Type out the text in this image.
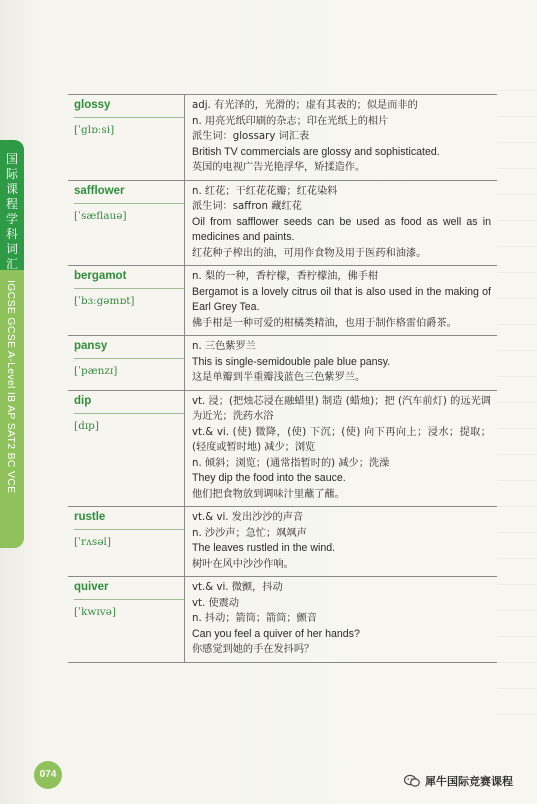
国
际
课
程
学
科
词
汇
IGCSE GCSE A-Level IB AP SAT2 BC VCE
glossy
[ˈglɒːsi]
adj. 有光泽的，光滑的；虚有其表的；似是而非的
n. 用亮光纸印刷的杂志；印在光纸上的相片
派生词：glossary 词汇表
British TV commercials are glossy and sophisticated.
英国的电视广告光艳浮华，矫揉造作。
safflower
[ˈsæflauə]
n. 红花；干红花花瓣；红花染料
派生词：saffron 藏红花
Oil from safflower seeds can be used as food as well as in medicines and paints.
红花种子榨出的油，可用作食物及用于医药和油漆。
bergamot
[ˈbɜːgəmɒt]
n. 梨的一种，香柠檬，香柠檬油，佛手柑
Bergamot is a lovely citrus oil that is also used in the making of Earl Grey Tea.
佛手柑是一种可爱的柑橘类精油，也用于制作格雷伯爵茶。
pansy
[ˈpænzɪ]
n. 三色紫罗兰
This is single-semidouble pale blue pansy.
这是单瓣到半重瓣浅蓝色三色紫罗兰。
dip
[dɪp]
vt. 浸；(把烛芯浸在融蜡里) 制造 (蜡烛)；把 (汽车前灯) 的远光调为近光；洗药水浴
vt.& vi. (使) 微降，(使) 下沉；(使) 向下再向上；浸水；提取；(轻度或暂时地) 减少；浏览
n. 倾斜；浏览；(通常指暂时的) 减少；洗澡
They dip the food into the sauce.
他们把食物放到调味汁里蘸了蘸。
rustle
[ˈrʌsəl]
vt.& vi. 发出沙沙的声音
n. 沙沙声；急忙；飒飒声
The leaves rustled in the wind.
树叶在风中沙沙作响。
quiver
[ˈkwɪvə]
vt.& vi. 微颤，抖动
vt. 使震动
n. 抖动；箭筒；箭筒；颤音
Can you feel a quiver of her hands?
你感觉到她的手在发抖吗？
074
犀牛国际竞赛课程
